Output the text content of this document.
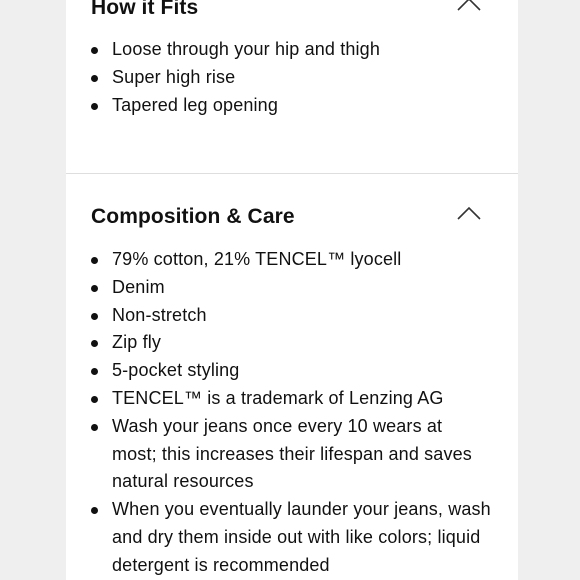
How it Fits
Loose through your hip and thigh
Super high rise
Tapered leg opening
Composition & Care
79% cotton, 21% TENCEL™ lyocell
Denim
Non-stretch
Zip fly
5-pocket styling
TENCEL™ is a trademark of Lenzing AG
Wash your jeans once every 10 wears at most; this increases their lifespan and saves natural resources
When you eventually launder your jeans, wash and dry them inside out with like colors; liquid detergent is recommended
